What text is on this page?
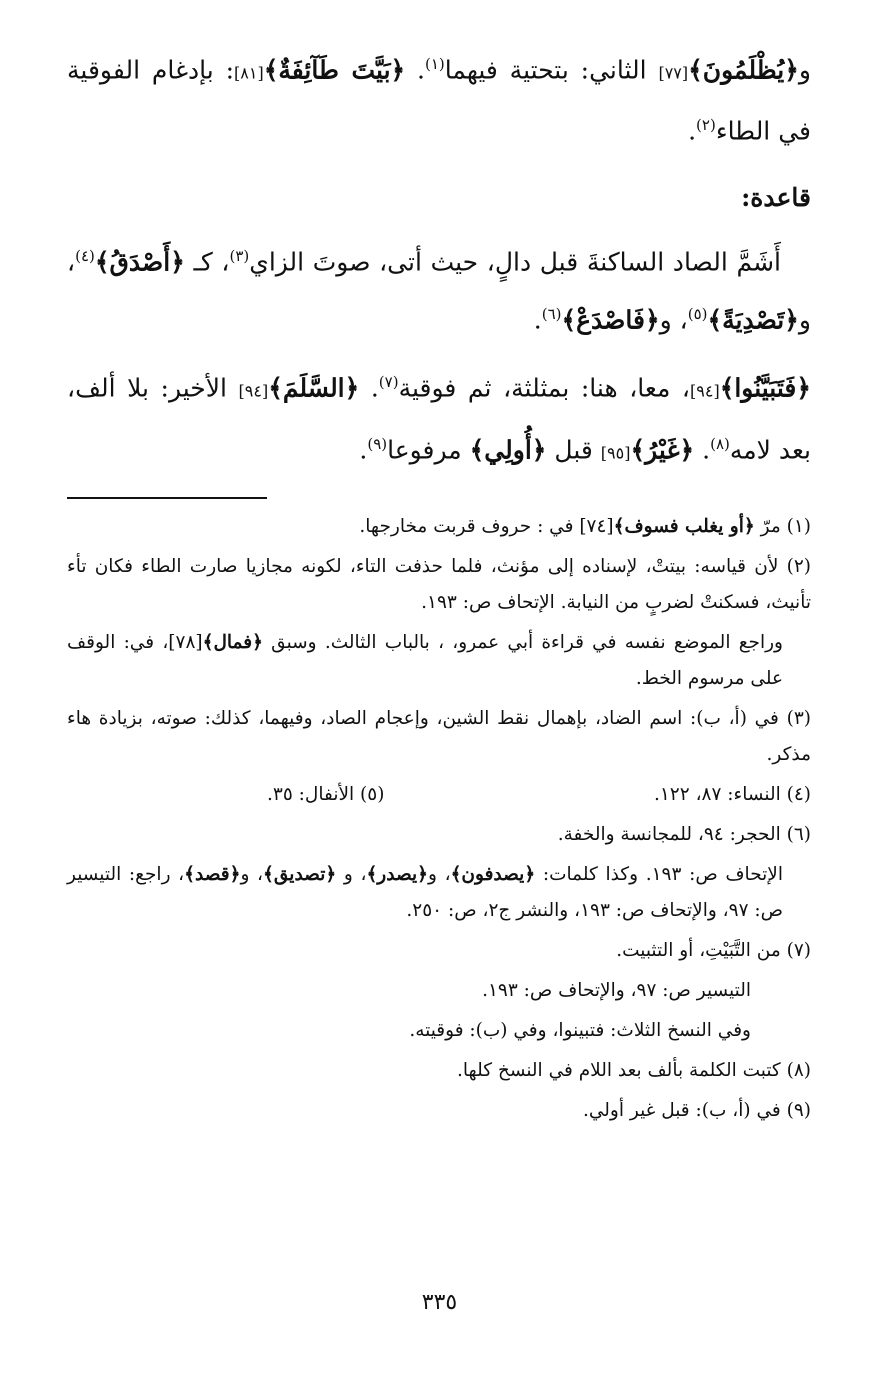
و﴿يُظْلَمُونَ﴾[٧٧] الثاني: بتحتية فيهما$^{(١)}$. ﴿بَيَّتَ طَآئِفَةٌ﴾[٨١]: بإدغام الفوقية في الطاء$^{(٢)}$.

قاعدة:

أَشَمَّ الصاد الساكنةَ قبل دالٍ، حيث أتى، صوتَ الزاي$^{(٣)}$، كـ ﴿أَصْدَقُ﴾$^{(٤)}$، و﴿تَصْدِيَةً﴾$^{(٥)}$، و﴿فَاصْدَعْ﴾$^{(٦)}$.

﴿فَتَبَيَّنُوا﴾[٩٤]، معا، هنا: بمثلثة، ثم فوقية$^{(٧)}$. ﴿السَّلَمَ﴾[٩٤] الأخير: بلا ألف، بعد لامه$^{(٨)}$. ﴿غَيْرُ﴾[٩٥] قبل ﴿أُولِي﴾ مرفوعا$^{(٩)}$.

(١) مرّ ﴿أو يغلب فسوف﴾[٧٤] في : حروف قربت مخارجها.

(٢) لأن قياسه: بيتتْ، لإسناده إلى مؤنث، فلما حذفت التاء، لكونه مجازيا صارت الطاء فكان تأء تأنيث، فسكنتْ لضربٍ من النيابة. الإتحاف ص: ١٩٣.

وراجع الموضع نفسه في قراءة أبي عمرو، ، بالباب الثالث. وسبق ﴿فمال﴾[٧٨]، في: الوقف على مرسوم الخط.

(٣) في (أ، ب): اسم الضاد، بإهمال نقط الشين، وإعجام الصاد، وفيهما، كذلك: صوته، بزيادة هاء مذكر.

(٤) النساء: ٨٧، ١٢٢.
(٥) الأنفال: ٣٥.

(٦) الحجر: ٩٤، للمجانسة والخفة.

الإتحاف ص: ١٩٣. وكذا كلمات: ﴿يصدفون﴾، و﴿يصدر﴾، و ﴿تصديق﴾، و﴿قصد﴾، راجع: التيسير ص: ٩٧، والإتحاف ص: ١٩٣، والنشر ج٢، ص: ٢٥٠.

(٧) من التَّبَيْتِ، أو التثبيت.

التيسير ص: ٩٧، والإتحاف ص: ١٩٣.

وفي النسخ الثلاث: فتبينوا، وفي (ب): فوقيته.

(٨) كتبت الكلمة بألف بعد اللام في النسخ كلها.

(٩) في (أ، ب): قبل غير أولي.

٣٣٥
